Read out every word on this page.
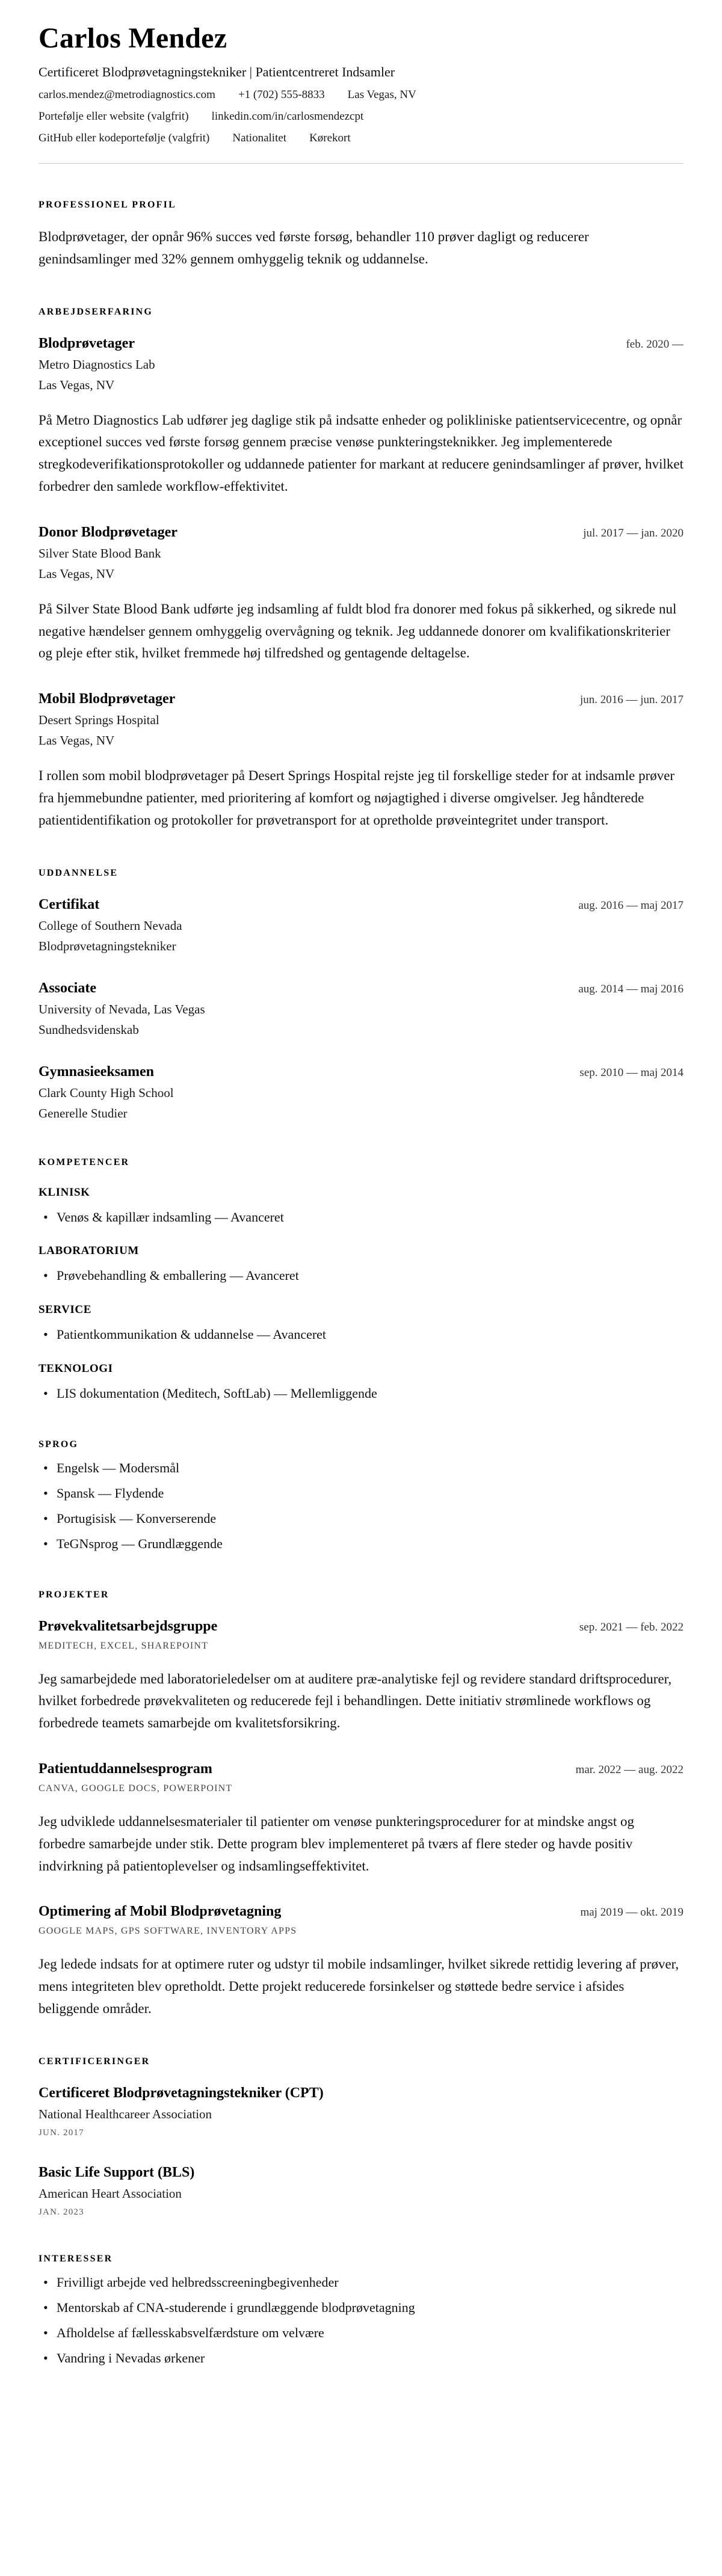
Carlos Mendez
Certificeret Blodprøvetagningstekniker | Patientcentreret Indsamler
carlos.mendez@metrodiagnostics.com +1 (702) 555-8833 Las Vegas, NV
Portefølje eller website (valgfrit) linkedin.com/in/carlosmendezcpt
GitHub eller kodeportefølje (valgfrit) Nationalitet Kørekort
PROFESSIONEL PROFIL

Blodprøvetager, der opnår 96% succes ved første forsøg, behandler 110 prøver dagligt og reducerer genindsamlinger med 32% gennem omhyggelig teknik og uddannelse.

ARBEJDSERFARING
Blodprøvetager	feb. 2020 —
Metro Diagnostics Lab
Las Vegas, NV

På Metro Diagnostics Lab udfører jeg daglige stik på indsatte enheder og polikliniske patientservicecentre, og opnår exceptionel succes ved første forsøg gennem præcise venøse punkteringsteknikker. Jeg implementerede stregkodeverifikationsprotokoller og uddannede patienter for markant at reducere genindsamlinger af prøver, hvilket forbedrer den samlede workflow-effektivitet.

Donor Blodprøvetager	jul. 2017 — jan. 2020
Silver State Blood Bank
Las Vegas, NV

På Silver State Blood Bank udførte jeg indsamling af fuldt blod fra donorer med fokus på sikkerhed, og sikrede nul negative hændelser gennem omhyggelig overvågning og teknik. Jeg uddannede donorer om kvalifikationskriterier og pleje efter stik, hvilket fremmede høj tilfredshed og gentagende deltagelse.

Mobil Blodprøvetager	jun. 2016 — jun. 2017
Desert Springs Hospital
Las Vegas, NV

I rollen som mobil blodprøvetager på Desert Springs Hospital rejste jeg til forskellige steder for at indsamle prøver fra hjemmebundne patienter, med prioritering af komfort og nøjagtighed i diverse omgivelser. Jeg håndterede patientidentifikation og protokoller for prøvetransport for at opretholde prøveintegritet under transport.

UDDANNELSE
Certifikat	aug. 2016 — maj 2017
College of Southern Nevada
Blodprøvetagningstekniker
Associate	aug. 2014 — maj 2016
University of Nevada, Las Vegas
Sundhedsvidenskab
Gymnasieeksamen	sep. 2010 — maj 2014
Clark County High School
Generelle Studier
KOMPETENCER
KLINISK
• Venøs & kapillær indsamling — Avanceret
LABORATORIUM
• Prøvebehandling & emballering — Avanceret
SERVICE
• Patientkommunikation & uddannelse — Avanceret
TEKNOLOGI
• LIS dokumentation (Meditech, SoftLab) — Mellemliggende
SPROG
• Engelsk — Modersmål
• Spansk — Flydende
• Portugisisk — Konverserende
• TeGNsprog — Grundlæggende
PROJEKTER
Prøvekvalitetsarbejdsgruppe	sep. 2021 — feb. 2022
MEDITECH, EXCEL, SHAREPOINT

Jeg samarbejdede med laboratorieledelser om at auditere præ-analytiske fejl og revidere standard driftsprocedurer, hvilket forbedrede prøvekvaliteten og reducerede fejl i behandlingen. Dette initiativ strømlinede workflows og forbedrede teamets samarbejde om kvalitetsforsikring.

Patientuddannelsesprogram	mar. 2022 — aug. 2022
CANVA, GOOGLE DOCS, POWERPOINT

Jeg udviklede uddannelsesmaterialer til patienter om venøse punkteringsprocedurer for at mindske angst og forbedre samarbejde under stik. Dette program blev implementeret på tværs af flere steder og havde positiv indvirkning på patientoplevelser og indsamlingseffektivitet.

Optimering af Mobil Blodprøvetagning	maj 2019 — okt. 2019
GOOGLE MAPS, GPS SOFTWARE, INVENTORY APPS

Jeg ledede indsats for at optimere ruter og udstyr til mobile indsamlinger, hvilket sikrede rettidig levering af prøver, mens integriteten blev opretholdt. Dette projekt reducerede forsinkelser og støttede bedre service i afsides beliggende områder.

CERTIFICERINGER
Certificeret Blodprøvetagningstekniker (CPT)
National Healthcareer Association
JUN. 2017
Basic Life Support (BLS)
American Heart Association
JAN. 2023
INTERESSER
• Frivilligt arbejde ved helbredsscreeningbegivenheder
• Mentorskab af CNA-studerende i grundlæggende blodprøvetagning
• Afholdelse af fællesskabsvelfærdsture om velvære
• Vandring i Nevadas ørkener
